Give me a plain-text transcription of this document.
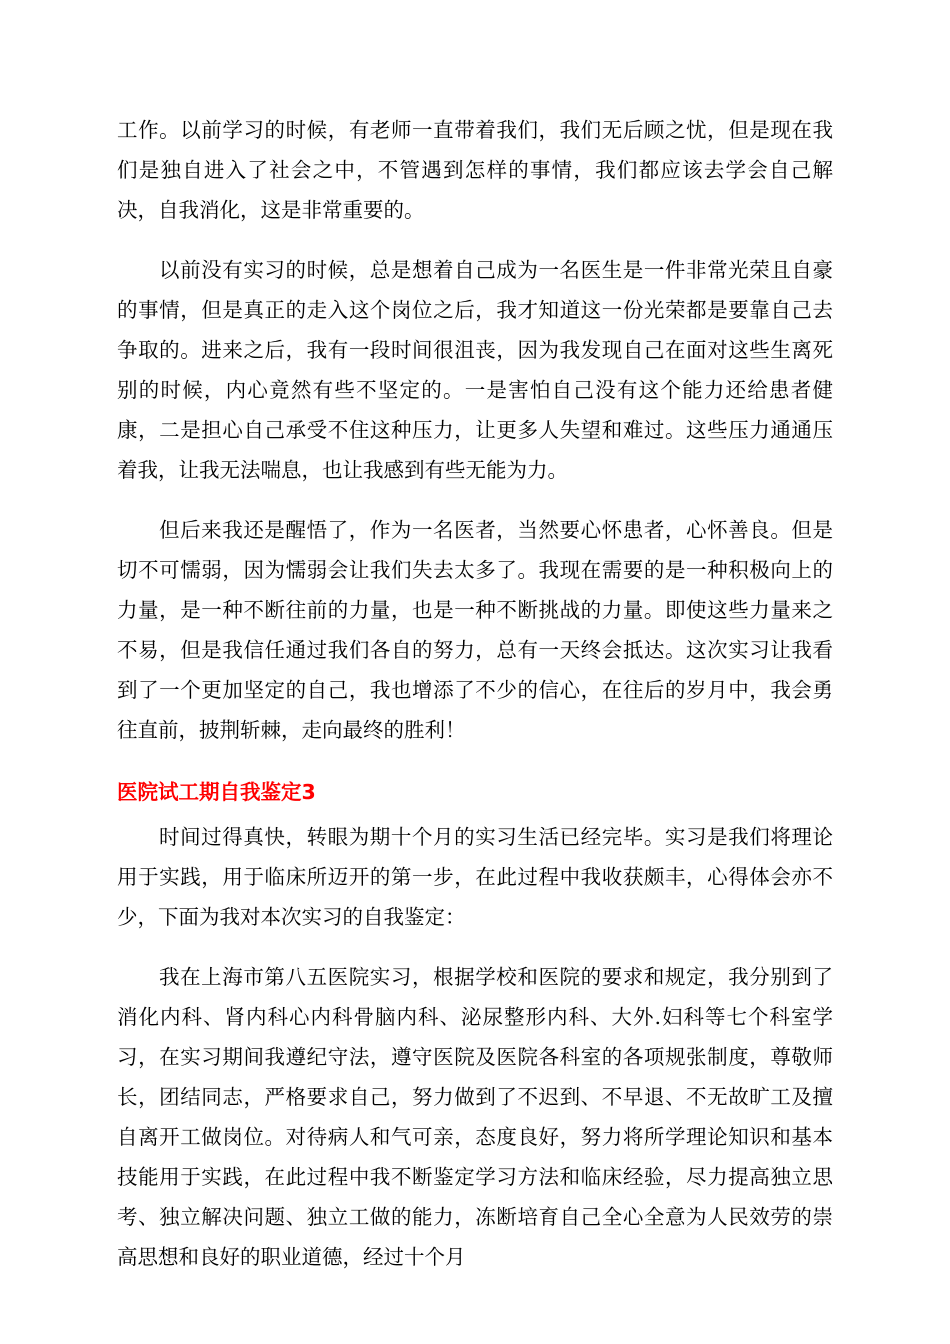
工作。以前学习的时候，有老师一直带着我们，我们无后顾之忧，但是现在我们是独自进入了社会之中，不管遇到怎样的事情，我们都应该去学会自己解决，自我消化，这是非常重要的。

以前没有实习的时候，总是想着自己成为一名医生是一件非常光荣且自豪的事情，但是真正的走入这个岗位之后，我才知道这一份光荣都是要靠自己去争取的。进来之后，我有一段时间很沮丧，因为我发现自己在面对这些生离死别的时候，内心竟然有些不坚定的。一是害怕自己没有这个能力还给患者健康，二是担心自己承受不住这种压力，让更多人失望和难过。这些压力通通压着我，让我无法喘息，也让我感到有些无能为力。

但后来我还是醒悟了，作为一名医者，当然要心怀患者，心怀善良。但是切不可懦弱，因为懦弱会让我们失去太多了。我现在需要的是一种积极向上的力量，是一种不断往前的力量，也是一种不断挑战的力量。即使这些力量来之不易，但是我信任通过我们各自的努力，总有一天终会抵达。这次实习让我看到了一个更加坚定的自己，我也增添了不少的信心，在往后的岁月中，我会勇往直前，披荆斩棘，走向最终的胜利！

医院试工期自我鉴定3

时间过得真快，转眼为期十个月的实习生活已经完毕。实习是我们将理论用于实践，用于临床所迈开的第一步，在此过程中我收获颇丰，心得体会亦不少，下面为我对本次实习的自我鉴定：

我在上海市第八五医院实习，根据学校和医院的要求和规定，我分别到了消化内科、肾内科心内科骨脑内科、泌尿整形内科、大外.妇科等七个科室学习，在实习期间我遵纪守法，遵守医院及医院各科室的各项规张制度，尊敬师长，团结同志，严格要求自己，努力做到了不迟到、不早退、不无故旷工及擅自离开工做岗位。对待病人和气可亲，态度良好，努力将所学理论知识和基本技能用于实践，在此过程中我不断鉴定学习方法和临床经验，尽力提高独立思考、独立解决问题、独立工做的能力，冻断培育自己全心全意为人民效劳的崇高思想和良好的职业道德，经过十个月
